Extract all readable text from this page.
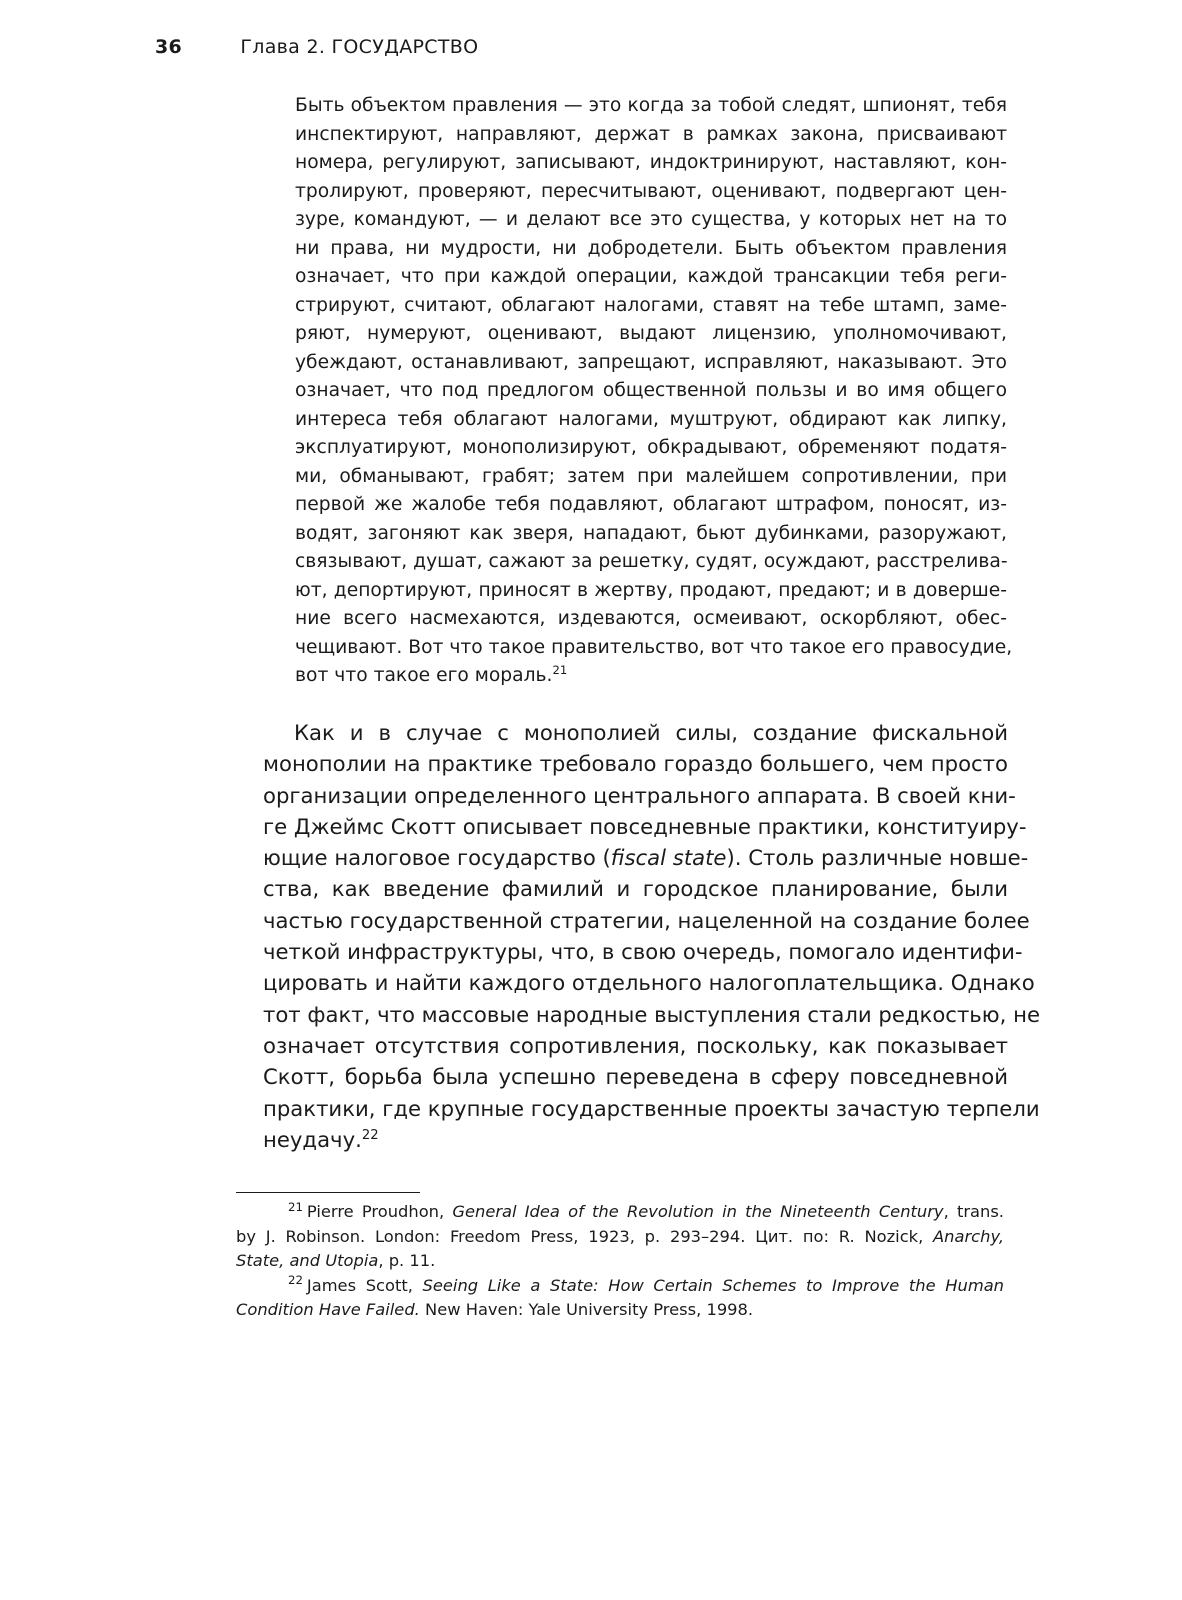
36	Глава 2. ГОСУДАРСТВО
Быть объектом правления — это когда за тобой следят, шпионят, тебя
инспектируют, направляют, держат в рамках закона, присваивают
номера, регулируют, записывают, индоктринируют, наставляют, кон-
тролируют, проверяют, пересчитывают, оценивают, подвергают цен-
зуре, командуют, — и делают все это существа, у которых нет на то
ни права, ни мудрости, ни добродетели. Быть объектом правления
означает, что при каждой операции, каждой трансакции тебя реги-
стрируют, считают, облагают налогами, ставят на тебе штамп, заме-
ряют, нумеруют, оценивают, выдают лицензию, уполномочивают,
убеждают, останавливают, запрещают, исправляют, наказывают. Это
означает, что под предлогом общественной пользы и во имя общего
интереса тебя облагают налогами, муштруют, обдирают как липку,
эксплуатируют, монополизируют, обкрадывают, обременяют податя-
ми, обманывают, грабят; затем при малейшем сопротивлении, при
первой же жалобе тебя подавляют, облагают штрафом, поносят, из-
водят, загоняют как зверя, нападают, бьют дубинками, разоружают,
связывают, душат, сажают за решетку, судят, осуждают, расстрелива-
ют, депортируют, приносят в жертву, продают, предают; и в доверше-
ние всего насмехаются, издеваются, осмеивают, оскорбляют, обес-
чещивают. Вот что такое правительство, вот что такое его правосудие,
вот что такое его мораль.$^{21}$
Как и в случае с монополией силы, создание фискальной
монополии на практике требовало гораздо большего, чем просто
организации определенного центрального аппарата. В своей кни-
ге Джеймс Скотт описывает повседневные практики, конституиру-
ющие налоговое государство (fiscal state). Столь различные новше-
ства, как введение фамилий и городское планирование, были
частью государственной стратегии, нацеленной на создание более
четкой инфраструктуры, что, в свою очередь, помогало идентифи-
цировать и найти каждого отдельного налогоплательщика. Однако
тот факт, что массовые народные выступления стали редкостью, не
означает отсутствия сопротивления, поскольку, как показывает
Скотт, борьба была успешно переведена в сферу повседневной
практики, где крупные государственные проекты зачастую терпели
неудачу.$^{22}$
$^{21}$ Pierre Proudhon, General Idea of the Revolution in the Nineteenth Century, trans.
by J. Robinson. London: Freedom Press, 1923, p. 293–294. Цит. по: R. Nozick, Anarchy,
State, and Utopia, p. 11.
$^{22}$ James Scott, Seeing Like a State: How Certain Schemes to Improve the Human
Condition Have Failed. New Haven: Yale University Press, 1998.
